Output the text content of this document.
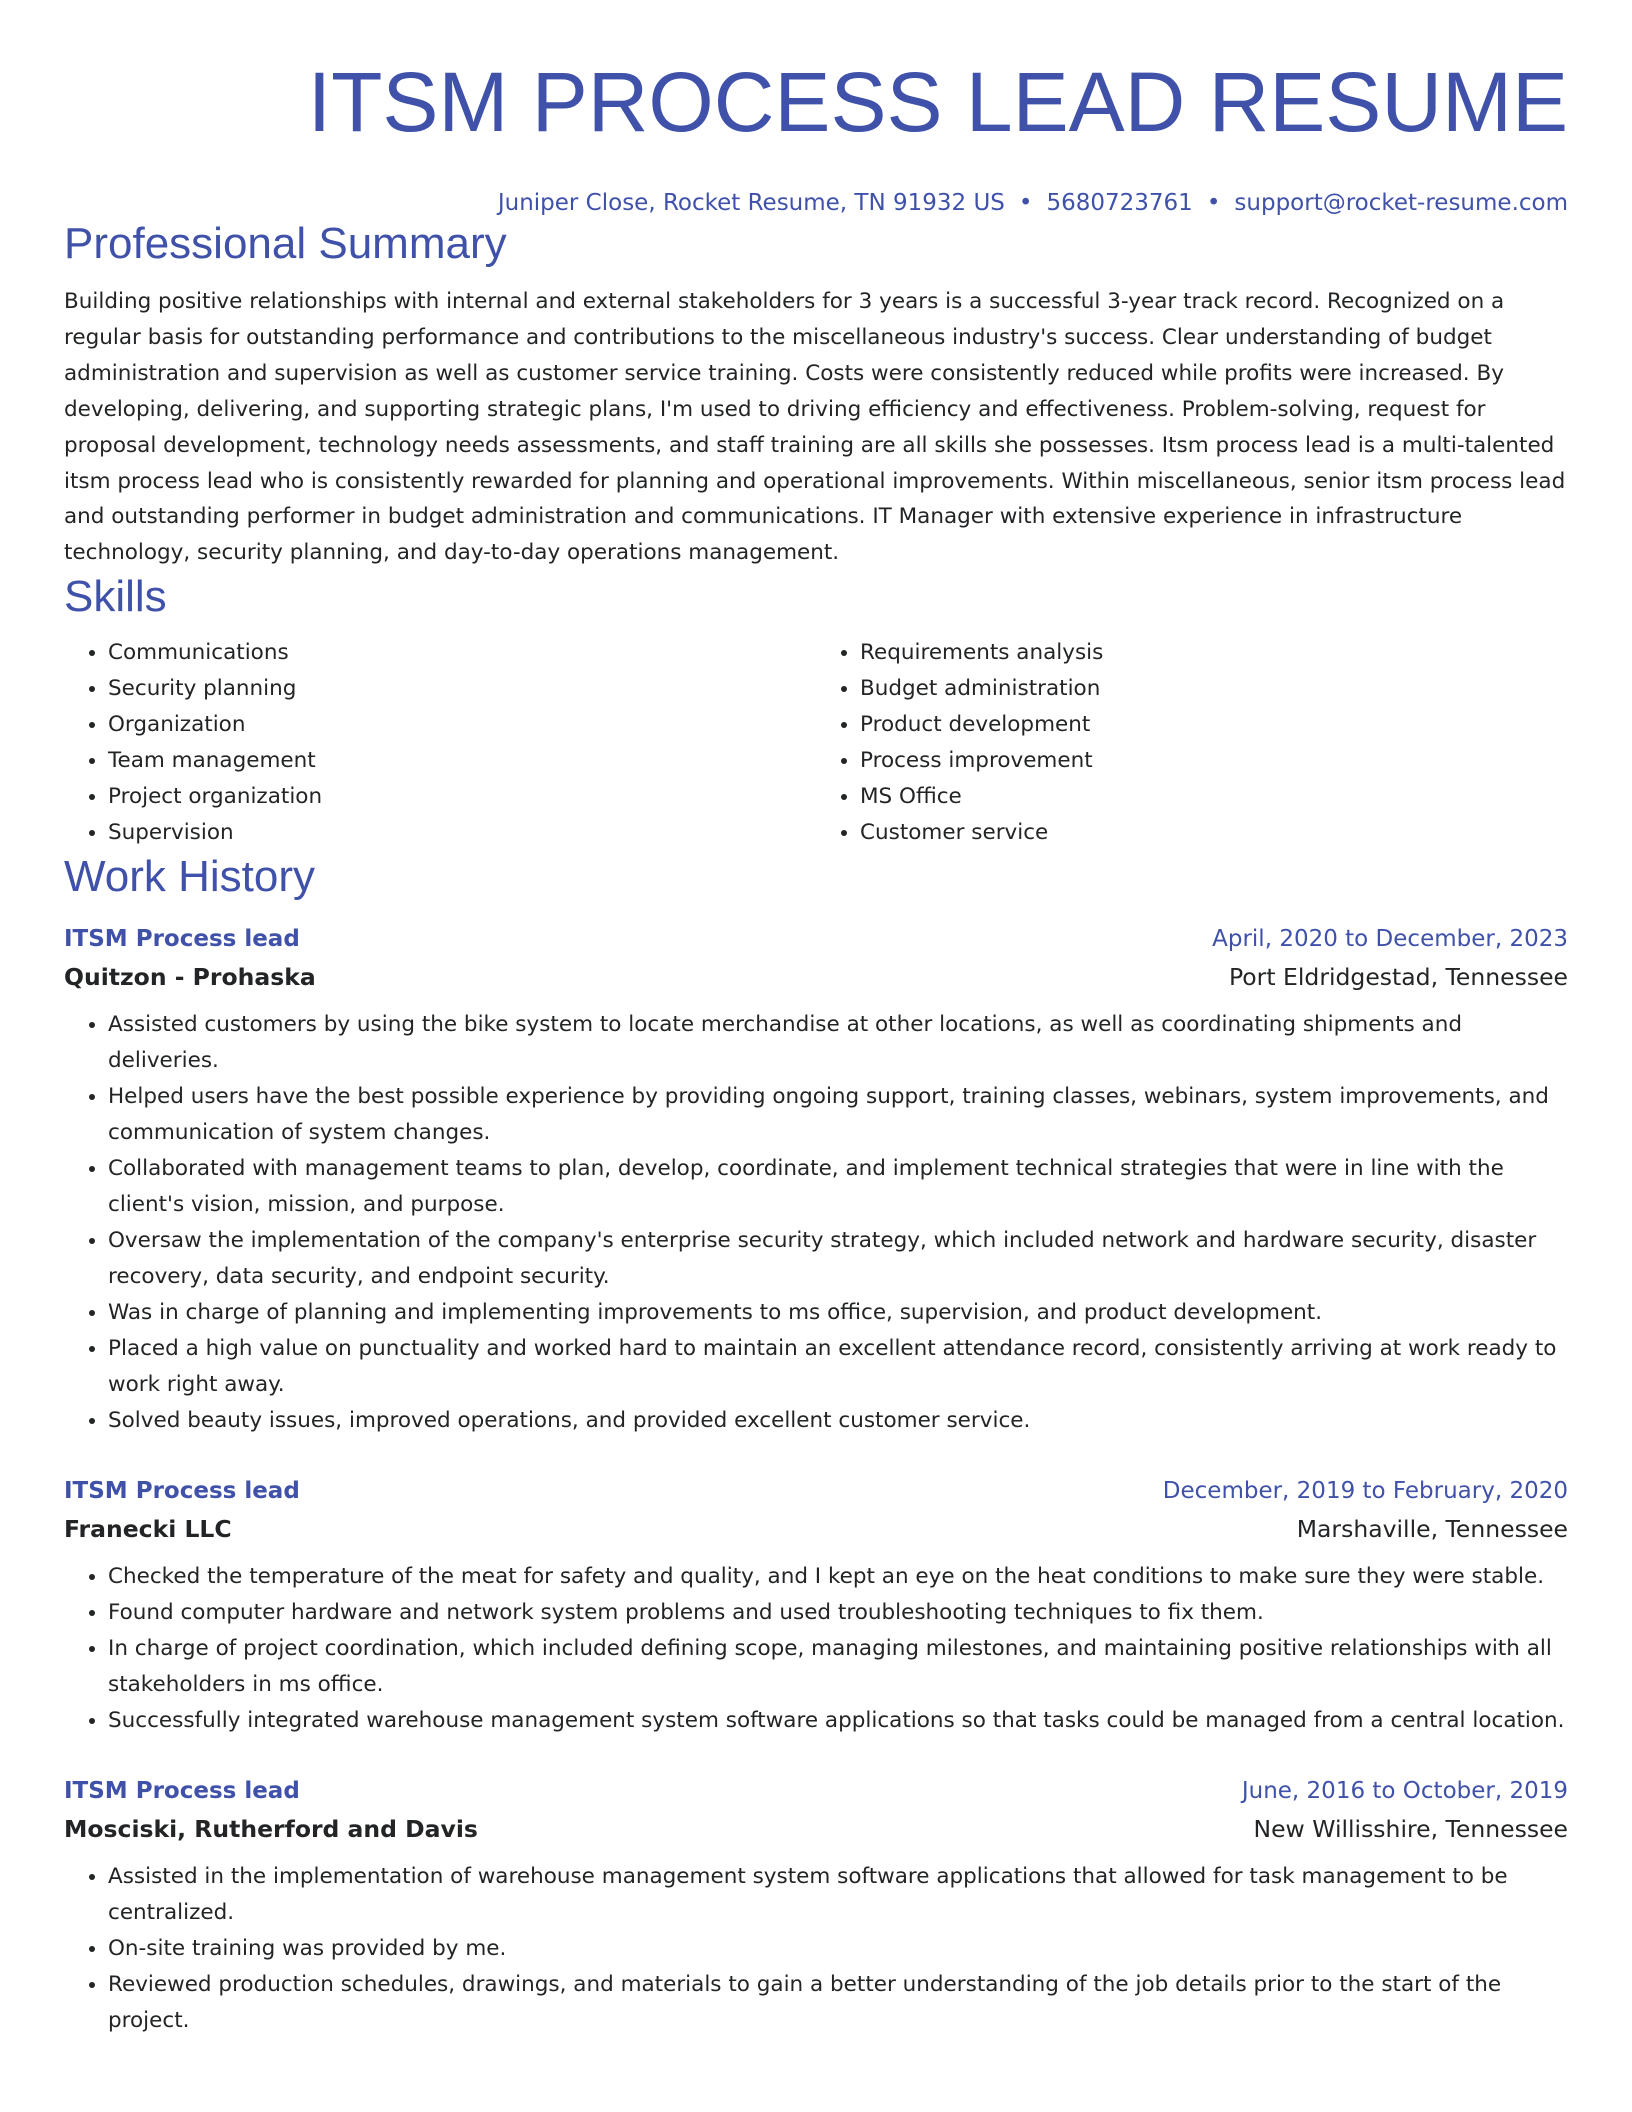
ITSM PROCESS LEAD RESUME
Juniper Close, Rocket Resume, TN 91932 US • 5680723761 • support@rocket-resume.com
Professional Summary

Building positive relationships with internal and external stakeholders for 3 years is a successful 3-year track record. Recognized on a regular basis for outstanding performance and contributions to the miscellaneous industry's success. Clear understanding of budget administration and supervision as well as customer service training. Costs were consistently reduced while profits were increased. By developing, delivering, and supporting strategic plans, I'm used to driving efficiency and effectiveness. Problem-solving, request for proposal development, technology needs assessments, and staff training are all skills she possesses. Itsm process lead is a multi-talented itsm process lead who is consistently rewarded for planning and operational improvements. Within miscellaneous, senior itsm process lead and outstanding performer in budget administration and communications. IT Manager with extensive experience in infrastructure technology, security planning, and day-to-day operations management.

Skills
• Communications
• Security planning
• Organization
• Team management
• Project organization
• Supervision
• Requirements analysis
• Budget administration
• Product development
• Process improvement
• MS Office
• Customer service
Work History
ITSM Process lead	April, 2020 to December, 2023
Quitzon - Prohaska	Port Eldridgestad, Tennessee
• Assisted customers by using the bike system to locate merchandise at other locations, as well as coordinating shipments and deliveries.
• Helped users have the best possible experience by providing ongoing support, training classes, webinars, system improvements, and communication of system changes.
• Collaborated with management teams to plan, develop, coordinate, and implement technical strategies that were in line with the client's vision, mission, and purpose.
• Oversaw the implementation of the company's enterprise security strategy, which included network and hardware security, disaster recovery, data security, and endpoint security.
• Was in charge of planning and implementing improvements to ms office, supervision, and product development.
• Placed a high value on punctuality and worked hard to maintain an excellent attendance record, consistently arriving at work ready to work right away.
• Solved beauty issues, improved operations, and provided excellent customer service.
ITSM Process lead	December, 2019 to February, 2020
Franecki LLC	Marshaville, Tennessee
• Checked the temperature of the meat for safety and quality, and I kept an eye on the heat conditions to make sure they were stable.
• Found computer hardware and network system problems and used troubleshooting techniques to fix them.
• In charge of project coordination, which included defining scope, managing milestones, and maintaining positive relationships with all stakeholders in ms office.
• Successfully integrated warehouse management system software applications so that tasks could be managed from a central location.
ITSM Process lead	June, 2016 to October, 2019
Mosciski, Rutherford and Davis	New Willisshire, Tennessee
• Assisted in the implementation of warehouse management system software applications that allowed for task management to be centralized.
• On-site training was provided by me.
• Reviewed production schedules, drawings, and materials to gain a better understanding of the job details prior to the start of the project.
